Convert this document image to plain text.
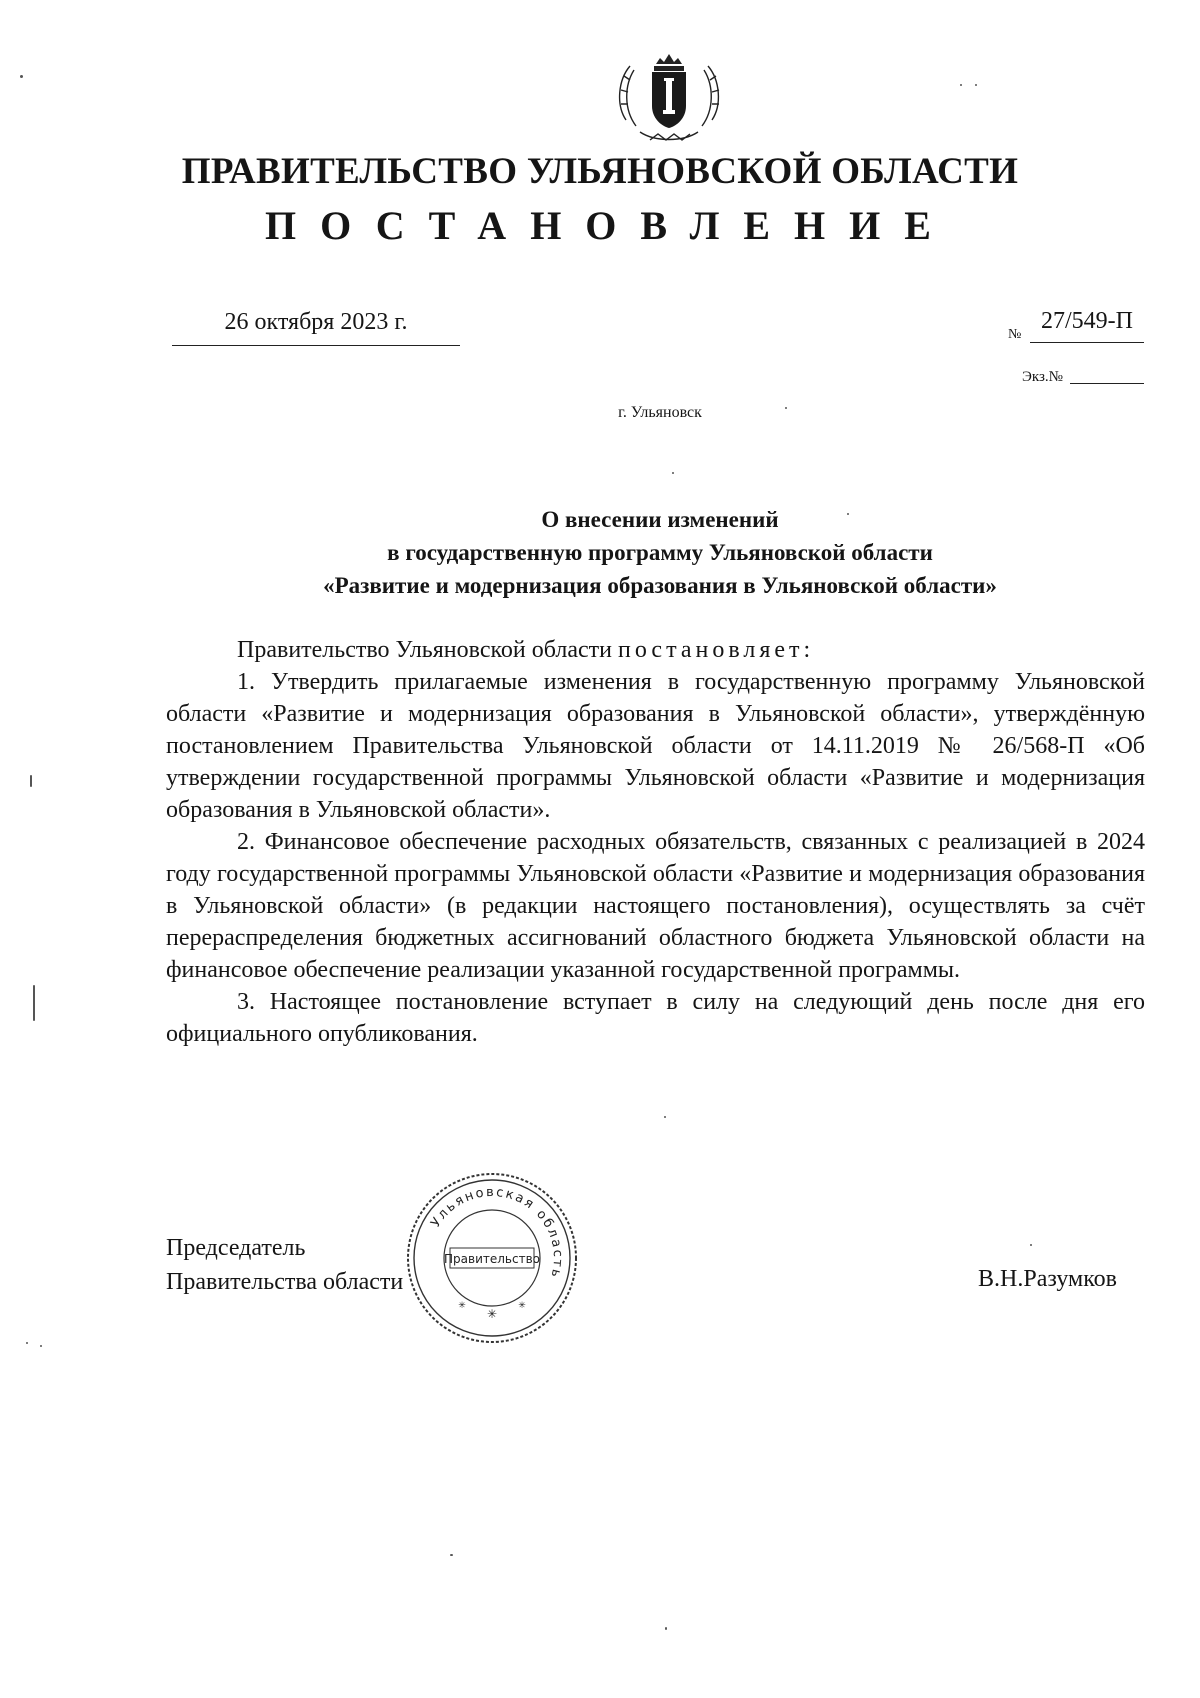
ПРАВИТЕЛЬСТВО УЛЬЯНОВСКОЙ ОБЛАСТИ
ПОСТАНОВЛЕНИЕ
26 октября 2023 г.	№
27/549-П
Экз.№
г. Ульяновск
О внесении изменений
в государственную программу Ульяновской области
«Развитие и модернизация образования в Ульяновской области»

Правительство Ульяновской области постановляет:

1. Утвердить прилагаемые изменения в государственную программу Ульяновской области «Развитие и модернизация образования в Ульяновской области», утверждённую постановлением Правительства Ульяновской области от 14.11.2019 № 26/568-П «Об утверждении государственной программы Ульяновской области «Развитие и модернизация образования в Ульяновской области».

2. Финансовое обеспечение расходных обязательств, связанных с реализацией в 2024 году государственной программы Ульяновской области «Развитие и модернизация образования в Ульяновской области» (в редакции настоящего постановления), осуществлять за счёт перераспределения бюджетных ассигнований областного бюджета Ульяновской области на финансовое обеспечение реализации указанной государственной программы.

3. Настоящее постановление вступает в силу на следующий день после дня его официального опубликования.

Председатель
Правительства области	В.Н.Разумков
Ульяновская область
Правительство
✳
✳	✳
